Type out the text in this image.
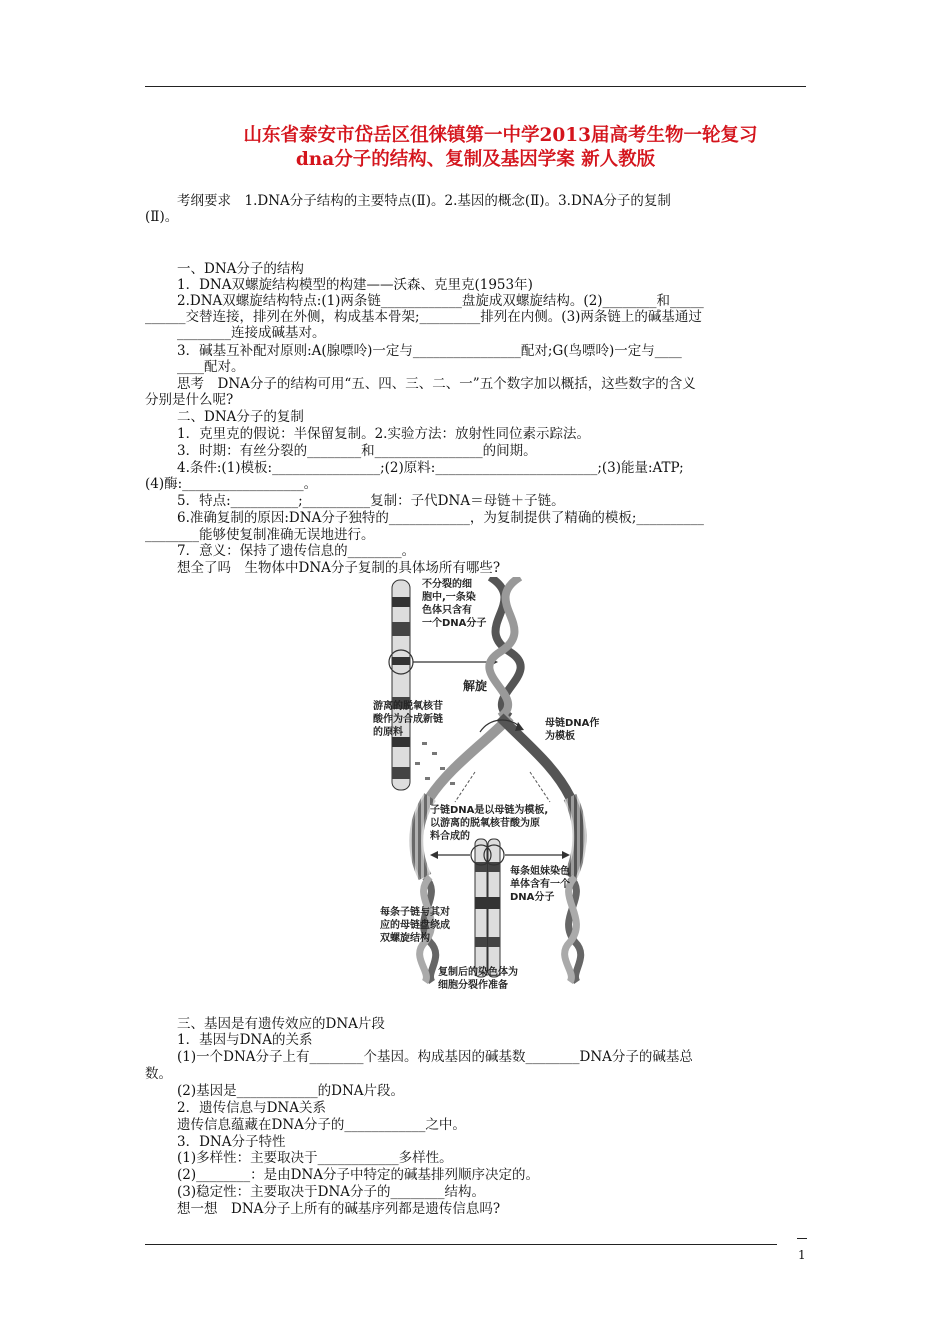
山东省泰安市岱岳区徂徕镇第一中学2013届高考生物一轮复习
dna分子的结构、复制及基因学案 新人教版
考纲要求　1.DNA分子结构的主要特点(Ⅱ)。2.基因的概念(Ⅱ)。3.DNA分子的复制
(Ⅱ)。
一、DNA分子的结构
1．DNA双螺旋结构模型的构建——沃森、克里克(1953年)
2.DNA双螺旋结构特点:(1)两条链____________盘旋成双螺旋结构。(2)________和_____
______交替连接，排列在外侧，构成基本骨架;_________排列在内侧。(3)两条链上的碱基通过
________连接成碱基对。
3．碱基互补配对原则:A(腺嘌呤)一定与________________配对;G(鸟嘌呤)一定与____
____配对。
思考　DNA分子的结构可用“五、四、三、二、一”五个数字加以概括，这些数字的含义
分别是什么呢?
二、DNA分子的复制
1．克里克的假说：半保留复制。2.实验方法：放射性同位素示踪法。
3．时期：有丝分裂的________和________________的间期。
4.条件:(1)模板:________________;(2)原料:________________________;(3)能量:ATP;
(4)酶:__________________。
5．特点:__________;__________复制：子代DNA＝母链＋子链。
6.准确复制的原因:DNA分子独特的____________，为复制提供了精确的模板;__________
________能够使复制准确无误地进行。
7．意义：保持了遗传信息的________。
想全了吗　生物体中DNA分子复制的具体场所有哪些?
不分裂的细
胞中,一条染
色体只含有
一个DNA分子
解旋
游离的脱氧核苷
酸作为合成新链
的原料
母链DNA作
为模板
子链DNA是以母链为模板,
以游离的脱氧核苷酸为原
料合成的
每条姐妹染色
单体含有一个
DNA分子
每条子链与其对
应的母链盘绕成
双螺旋结构
复制后的染色体为
细胞分裂作准备
三、基因是有遗传效应的DNA片段
1．基因与DNA的关系
(1)一个DNA分子上有________个基因。构成基因的碱基数________DNA分子的碱基总
数。
(2)基因是____________的DNA片段。
2．遗传信息与DNA关系
遗传信息蕴藏在DNA分子的____________之中。
3．DNA分子特性
(1)多样性：主要取决于____________多样性。
(2)________：是由DNA分子中特定的碱基排列顺序决定的。
(3)稳定性：主要取决于DNA分子的________结构。
想一想　DNA分子上所有的碱基序列都是遗传信息吗?
1
